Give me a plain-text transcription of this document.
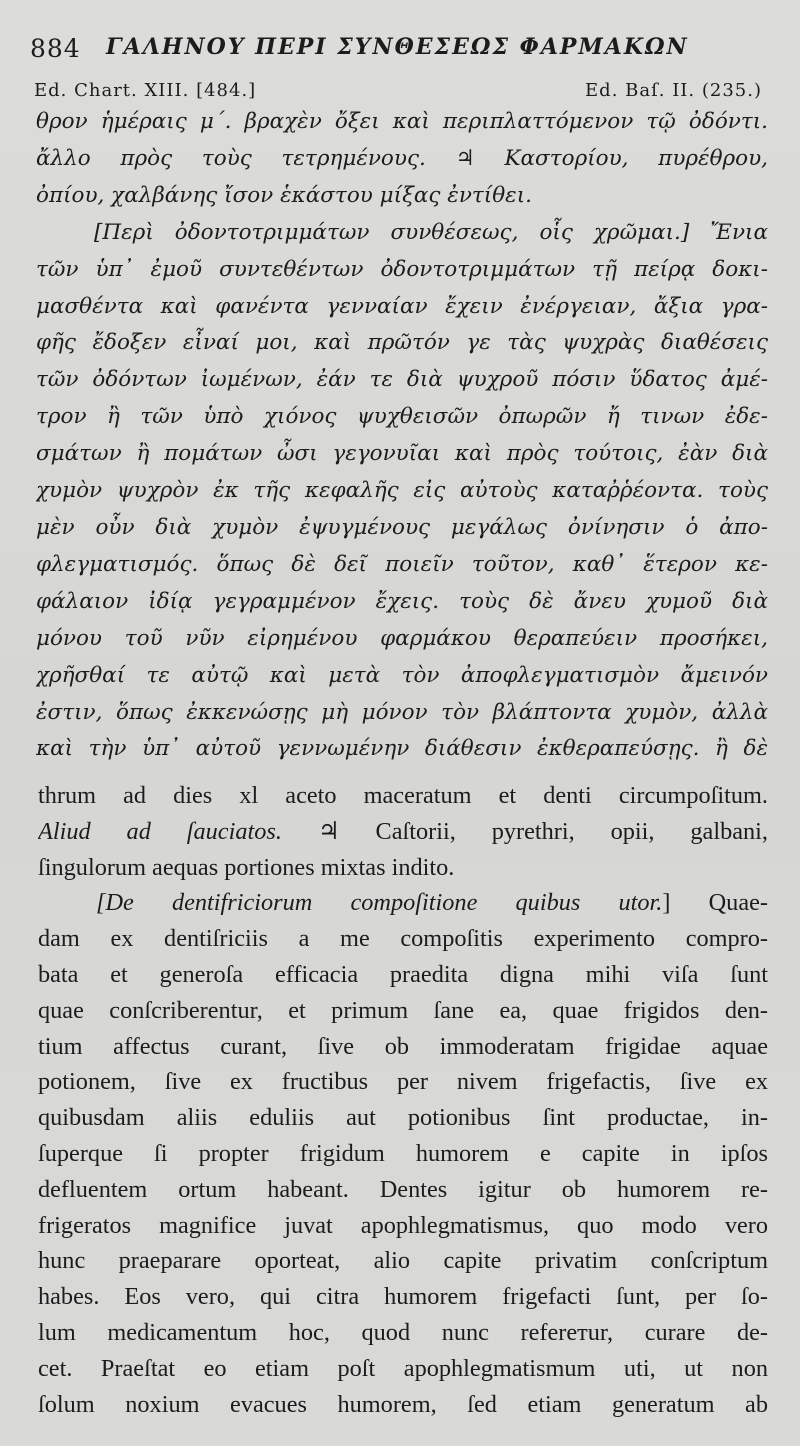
884 ΓΑΛΗΝΟΥ ΠΕΡΙ ΣΥΝΘΕΣΕΩΣ ΦΑΡΜΑΚΩΝ
Ed. Chart. XIII. [484.]	Ed. Baſ. II. (235.)
θρον ἡμέραις μ΄. βραχὲν ὄξει καὶ περιπλαττόμενον τῷ ὀδόντι.
ἄλλο πρὸς τοὺς τετρημένους. ♃ Καστορίου, πυρέθρου,
ὀπίου, χαλβάνης ἴσον ἑκάστου μίξας ἐντίθει.
[Περὶ ὀδοντοτριμμάτων συνθέσεως, οἷς χρῶμαι.] Ἔνια
τῶν ὑπ᾽ ἐμοῦ συντεθέντων ὀδοντοτριμμάτων τῇ πείρᾳ δοκι-
μασθέντα καὶ φανέντα γενναίαν ἔχειν ἐνέργειαν, ἄξια γρα-
φῆς ἔδοξεν εἶναί μοι, καὶ πρῶτόν γε τὰς ψυχρὰς διαθέσεις
τῶν ὀδόντων ἰωμένων, ἐάν τε διὰ ψυχροῦ πόσιν ὕδατος ἀμέ-
τρον ἢ τῶν ὑπὸ χιόνος ψυχθεισῶν ὀπωρῶν ἤ τινων ἐδε-
σμάτων ἢ πομάτων ὦσι γεγονυῖαι καὶ πρὸς τούτοις, ἐὰν διὰ
χυμὸν ψυχρὸν ἐκ τῆς κεφαλῆς εἰς αὐτοὺς καταῤῥέοντα. τοὺς
μὲν οὖν διὰ χυμὸν ἐψυγμένους μεγάλως ὀνίνησιν ὁ ἀπο-
φλεγματισμός. ὅπως δὲ δεῖ ποιεῖν τοῦτον, καθ᾽ ἕτερον κε-
φάλαιον ἰδίᾳ γεγραμμένον ἔχεις. τοὺς δὲ ἄνευ χυμοῦ διὰ
μόνου τοῦ νῦν εἰρημένου φαρμάκου θεραπεύειν προσήκει,
χρῆσθαί τε αὐτῷ καὶ μετὰ τὸν ἀποφλεγματισμὸν ἄμεινόν
ἐστιν, ὅπως ἐκκενώσῃς μὴ μόνον τὸν βλάπτοντα χυμὸν, ἀλλὰ
καὶ τὴν ὑπ᾽ αὐτοῦ γεννωμένην διάθεσιν ἐκθεραπεύσῃς. ἢ δὲ
thrum ad dies xl aceto maceratum et denti circumpoſitum.
Aliud ad ſauciatos. ♃ Caſtorii, pyrethri, opii, galbani,
ſingulorum aequas portiones mixtas indito.
[De dentifriciorum compoſitione quibus utor.] Quae-
dam ex dentiſriciis a me compoſitis experimento compro-
bata et generoſa efficacia praedita digna mihi viſa ſunt
quae conſcriberentur, et primum ſane ea, quae frigidos den-
tium affectus curant, ſive ob immoderatam frigidae aquae
potionem, ſive ex fructibus per nivem frigefactis, ſive ex
quibusdam aliis eduliis aut potionibus ſint productae, in-
ſuperque ſi propter frigidum humorem e capite in ipſos
defluentem ortum habeant. Dentes igitur ob humorem re-
frigeratos magnifice juvat apophlegmatismus, quo modo vero
hunc praeparare oporteat, alio capite privatim conſcriptum
habes. Eos vero, qui citra humorem frigefacti ſunt, per ſo-
lum medicamentum hoc, quod nunc refereтur, curare de-
cet. Praeſtat eo etiam poſt apophlegmatismum uti, ut non
ſolum noxium evacues humorem, ſed etiam generatum ab
